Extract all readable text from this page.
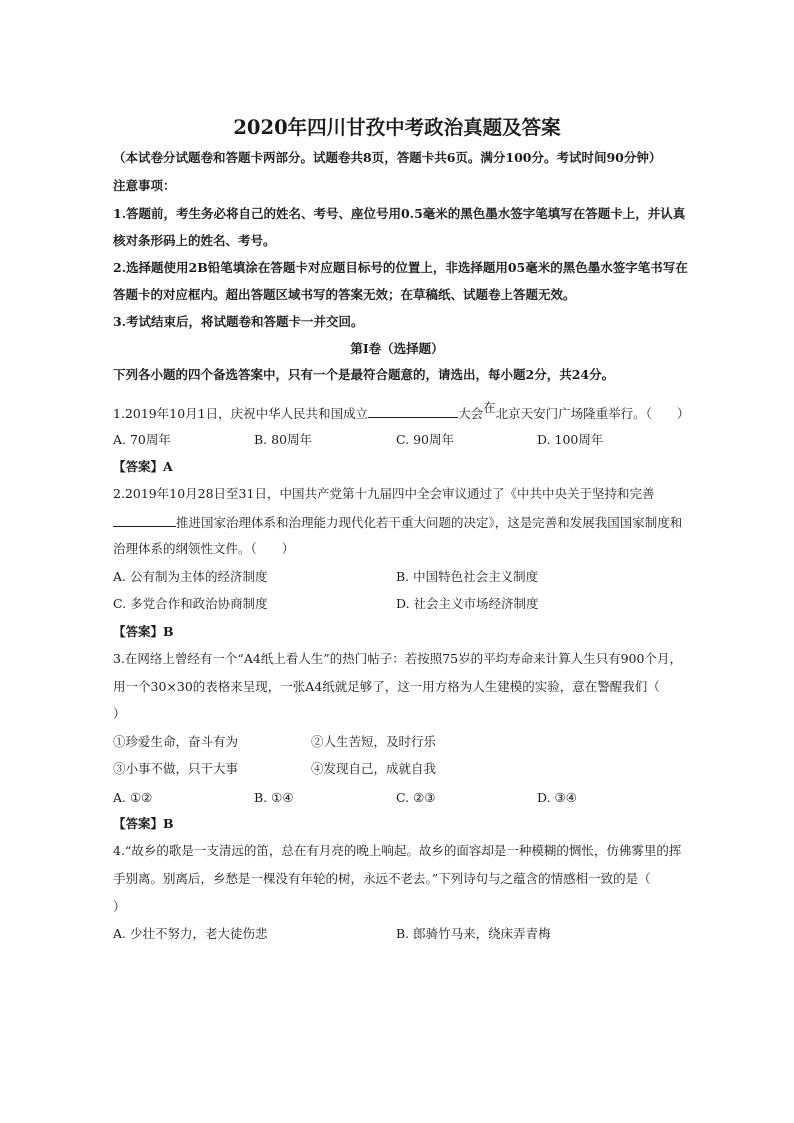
2020年四川甘孜中考政治真题及答案
（本试卷分试题卷和答题卡两部分。试题卷共8页，答题卡共6页。满分100分。考试时间90分钟）
注意事项：
1.答题前，考生务必将自己的姓名、考号、座位号用0.5毫米的黑色墨水签字笔填写在答题卡上，并认真
核对条形码上的姓名、考号。
2.选择题使用2B铅笔填涂在答题卡对应题目标号的位置上，非选择题用05毫米的黑色墨水签字笔书写在
答题卡的对应框内。超出答题区域书写的答案无效；在草稿纸、试题卷上答题无效。
3.考试结束后，将试题卷和答题卡一并交回。
第Ⅰ卷（选择题）
下列各小题的四个备选答案中，只有一个是最符合题意的，请选出，每小题2分，共24分。
1.2019年10月1日，庆祝中华人民共和国成立	大会在北京天安门广场隆重举行。（　　）
A. 70周年	B. 80周年	C. 90周年	D. 100周年
【答案】A
2.2019年10月28日至31日，中国共产党第十九届四中全会审议通过了《中共中央关于坚持和完善
推进国家治理体系和治理能力现代化若干重大问题的决定》，这是完善和发展我国国家制度和
治理体系的纲领性文件。（　　）
A. 公有制为主体的经济制度	B. 中国特色社会主义制度
C. 多党合作和政治协商制度	D. 社会主义市场经济制度
【答案】B
3.在网络上曾经有一个“A4纸上看人生”的热门帖子：若按照75岁的平均寿命来计算人生只有900个月，
用一个30×30的表格来呈现，一张A4纸就足够了，这一用方格为人生建模的实验，意在警醒我们（
）
①珍爱生命，奋斗有为	②人生苦短，及时行乐
③小事不做，只干大事	④发现自己，成就自我
A. ①②	B. ①④	C. ②③	D. ③④
【答案】B
4.“故乡的歌是一支清远的笛，总在有月亮的晚上响起。故乡的面容却是一种模糊的惆怅，仿佛雾里的挥
手别离。别离后，乡愁是一棵没有年轮的树，永远不老去。”下列诗句与之蕴含的情感相一致的是（
）
A. 少壮不努力，老大徒伤悲	B. 郎骑竹马来，绕床弄青梅
